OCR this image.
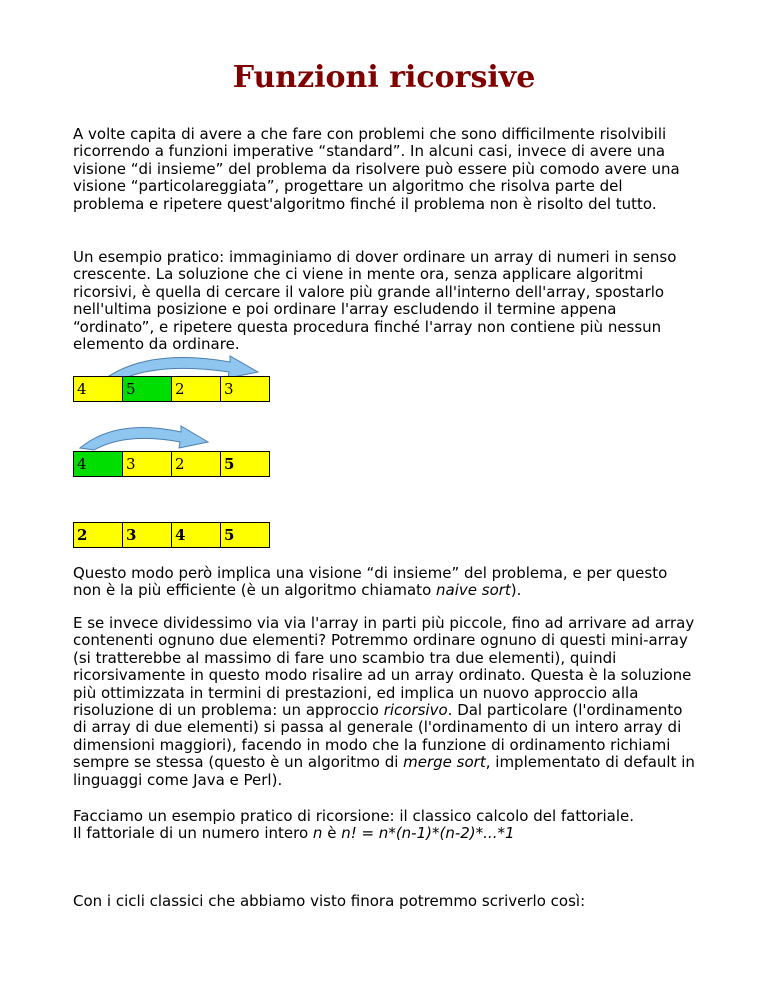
Funzioni ricorsive

A volte capita di avere a che fare con problemi che sono difficilmente risolvibili ricorrendo a funzioni imperative “standard”. In alcuni casi, invece di avere una visione “di insieme” del problema da risolvere può essere più comodo avere una visione “particolareggiata”, progettare un algoritmo che risolva parte del problema e ripetere quest'algoritmo finché il problema non è risolto del tutto.

Un esempio pratico: immaginiamo di dover ordinare un array di numeri in senso crescente. La soluzione che ci viene in mente ora, senza applicare algoritmi ricorsivi, è quella di cercare il valore più grande all'interno dell'array, spostarlo nell'ultima posizione e poi ordinare l'array escludendo il termine appena “ordinato”, e ripetere questa procedura finché l'array non contiene più nessun elemento da ordinare.

4	5	2	3
4	3	2	5
2	3	4	5

Questo modo però implica una visione “di insieme” del problema, e per questo non è la più efficiente (è un algoritmo chiamato naive sort).

E se invece dividessimo via via l'array in parti più piccole, fino ad arrivare ad array contenenti ognuno due elementi? Potremmo ordinare ognuno di questi mini-array (si tratterebbe al massimo di fare uno scambio tra due elementi), quindi ricorsivamente in questo modo risalire ad un array ordinato. Questa è la soluzione più ottimizzata in termini di prestazioni, ed implica un nuovo approccio alla risoluzione di un problema: un approccio ricorsivo. Dal particolare (l'ordinamento di array di due elementi) si passa al generale (l'ordinamento di un intero array di dimensioni maggiori), facendo in modo che la funzione di ordinamento richiami sempre se stessa (questo è un algoritmo di merge sort, implementato di default in linguaggi come Java e Perl).

Facciamo un esempio pratico di ricorsione: il classico calcolo del fattoriale.
Il fattoriale di un numero intero n è n! = n*(n-1)*(n-2)*...*1

Con i cicli classici che abbiamo visto finora potremmo scriverlo così:
